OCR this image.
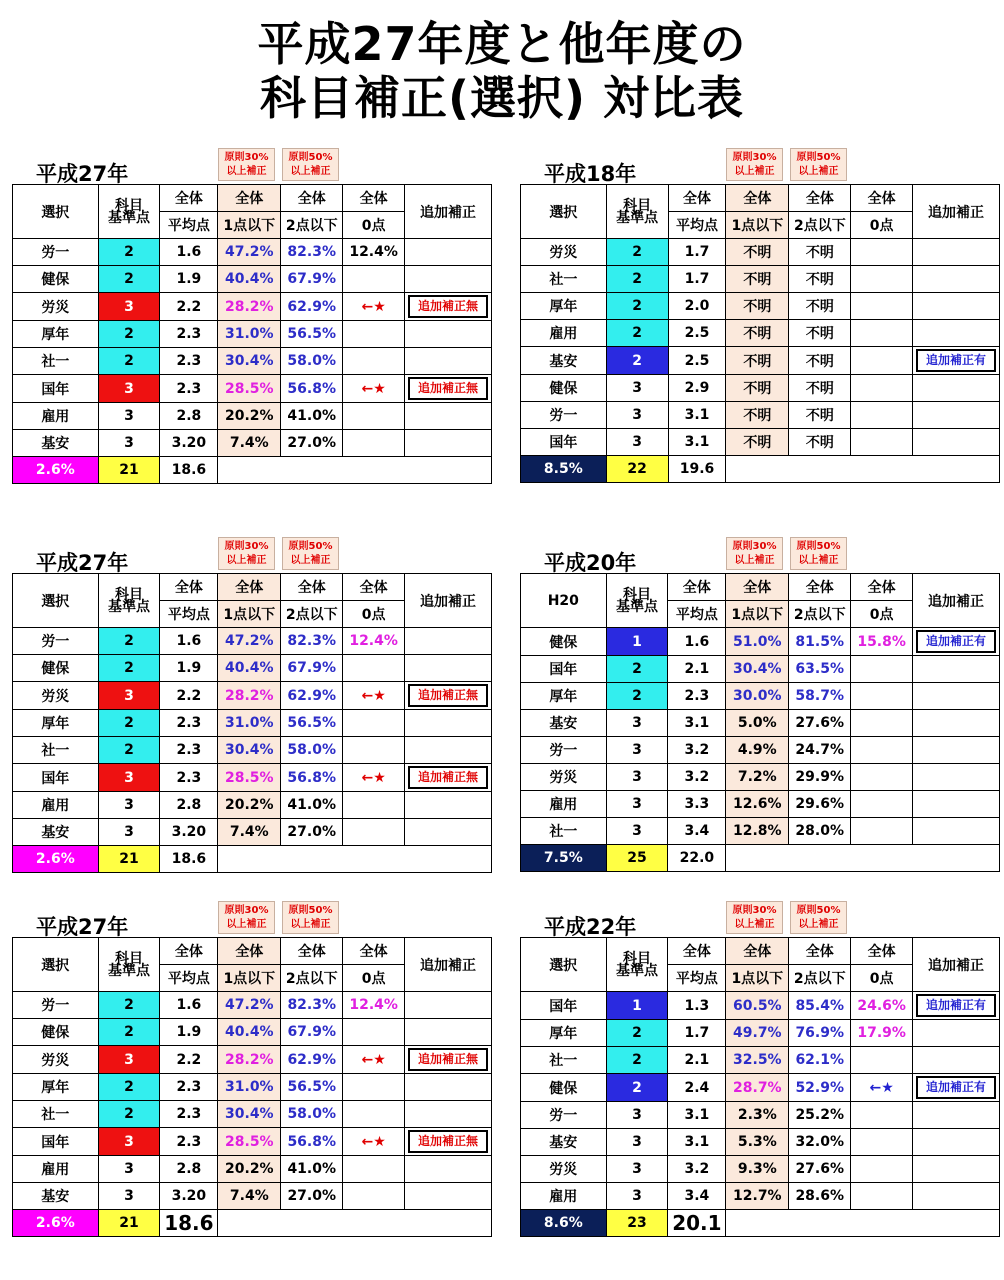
平成27年度と他年度の
科目補正(選択) 対比表
平成27年
原則30%
以上補正
原則50%
以上補正
選択	科目
基準点	全体	全体	全体	全体	追加補正
		平均点	1点以下	2点以下	0点	
労一	2	1.6	47.2%	82.3%	12.4%	
健保	2	1.9	40.4%	67.9%		
労災	3	2.2	28.2%	62.9%	←★	追加補正無

厚年	2	2.3	31.0%	56.5%		
社一	2	2.3	30.4%	58.0%		
国年	3	2.3	28.5%	56.8%	←★	追加補正無

雇用	3	2.8	20.2%	41.0%		
基安	3	3.20	7.4%	27.0%		
2.6%	21	18.6				
平成18年
原則30%
以上補正
原則50%
以上補正
選択	科目
基準点	全体	全体	全体	全体	追加補正
		平均点	1点以下	2点以下	0点	
労災	2	1.7	不明	不明		
社一	2	1.7	不明	不明		
厚年	2	2.0	不明	不明		
雇用	2	2.5	不明	不明		
基安	2	2.5	不明	不明		追加補正有

健保	3	2.9	不明	不明		
労一	3	3.1	不明	不明		
国年	3	3.1	不明	不明		
8.5%	22	19.6				
平成27年
原則30%
以上補正
原則50%
以上補正
選択	科目
基準点	全体	全体	全体	全体	追加補正
		平均点	1点以下	2点以下	0点	
労一	2	1.6	47.2%	82.3%	12.4%	
健保	2	1.9	40.4%	67.9%		
労災	3	2.2	28.2%	62.9%	←★	追加補正無

厚年	2	2.3	31.0%	56.5%		
社一	2	2.3	30.4%	58.0%		
国年	3	2.3	28.5%	56.8%	←★	追加補正無

雇用	3	2.8	20.2%	41.0%		
基安	3	3.20	7.4%	27.0%		
2.6%	21	18.6				
平成20年
原則30%
以上補正
原則50%
以上補正
H20	科目
基準点	全体	全体	全体	全体	追加補正
		平均点	1点以下	2点以下	0点	
健保	1	1.6	51.0%	81.5%	15.8%	追加補正有

国年	2	2.1	30.4%	63.5%		
厚年	2	2.3	30.0%	58.7%		
基安	3	3.1	5.0%	27.6%		
労一	3	3.2	4.9%	24.7%		
労災	3	3.2	7.2%	29.9%		
雇用	3	3.3	12.6%	29.6%		
社一	3	3.4	12.8%	28.0%		
7.5%	25	22.0				
平成27年
原則30%
以上補正
原則50%
以上補正
選択	科目
基準点	全体	全体	全体	全体	追加補正
		平均点	1点以下	2点以下	0点	
労一	2	1.6	47.2%	82.3%	12.4%	
健保	2	1.9	40.4%	67.9%		
労災	3	2.2	28.2%	62.9%	←★	追加補正無

厚年	2	2.3	31.0%	56.5%		
社一	2	2.3	30.4%	58.0%		
国年	3	2.3	28.5%	56.8%	←★	追加補正無

雇用	3	2.8	20.2%	41.0%		
基安	3	3.20	7.4%	27.0%		
2.6%	21	18.6				
平成22年
原則30%
以上補正
原則50%
以上補正
選択	科目
基準点	全体	全体	全体	全体	追加補正
		平均点	1点以下	2点以下	0点	
国年	1	1.3	60.5%	85.4%	24.6%	追加補正有

厚年	2	1.7	49.7%	76.9%	17.9%	
社一	2	2.1	32.5%	62.1%		
健保	2	2.4	28.7%	52.9%	←★	追加補正有

労一	3	3.1	2.3%	25.2%		
基安	3	3.1	5.3%	32.0%		
労災	3	3.2	9.3%	27.6%		
雇用	3	3.4	12.7%	28.6%		
8.6%	23	20.1				
